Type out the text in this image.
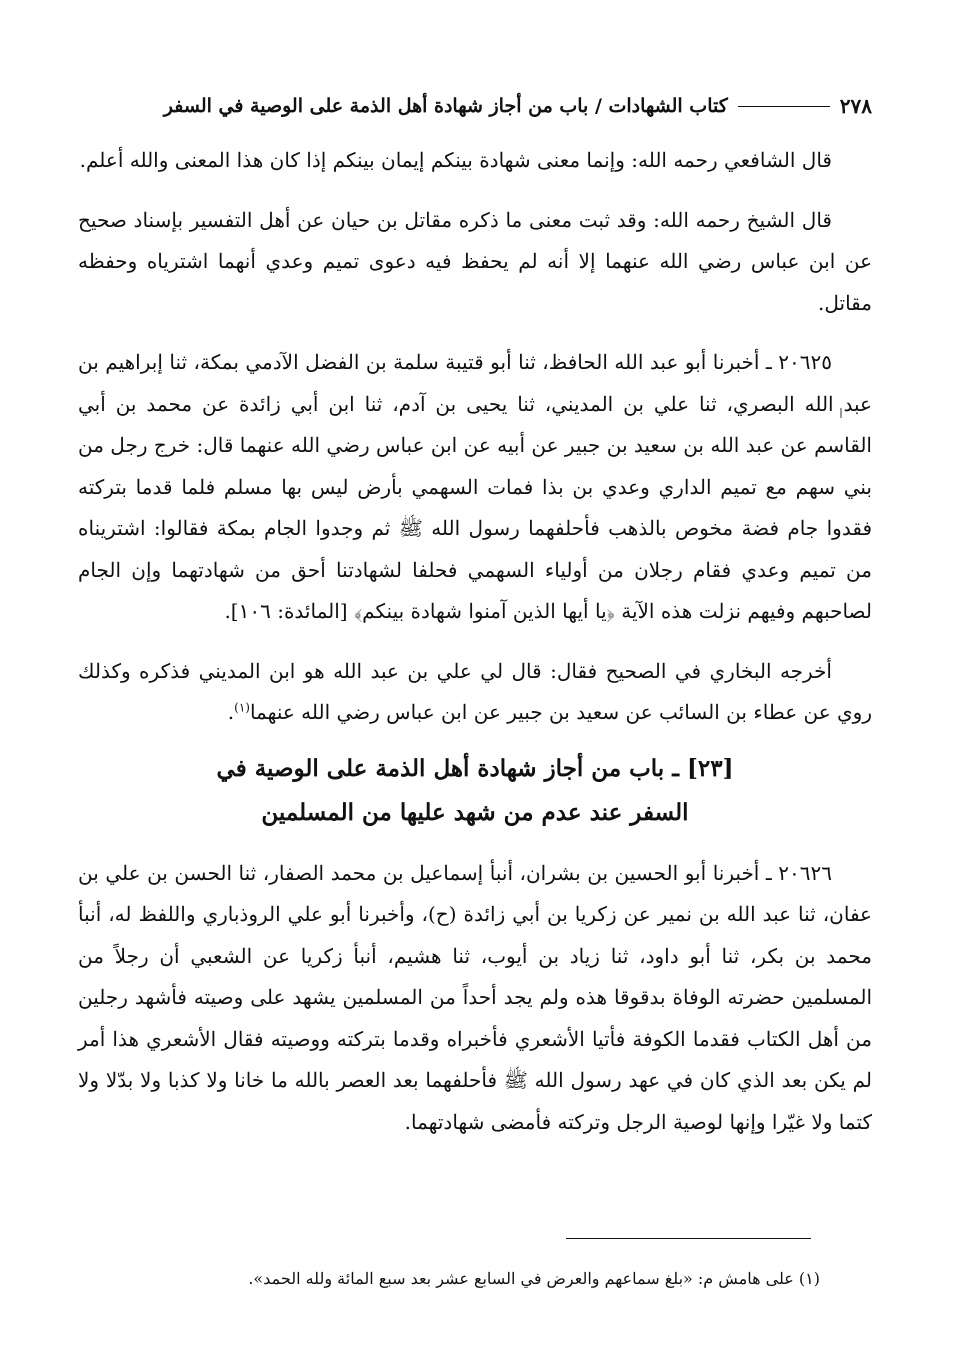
٢٧٨
كتاب الشهادات / باب من أجاز شهادة أهل الذمة على الوصية في السفر

قال الشافعي رحمه الله: وإنما معنى شهادة بينكم إيمان بينكم إذا كان هذا المعنى والله أعلم.

قال الشيخ رحمه الله: وقد ثبت معنى ما ذكره مقاتل بن حيان عن أهل التفسير بإسناد صحيح عن ابن عباس رضي الله عنهما إلا أنه لم يحفظ فيه دعوى تميم وعدي أنهما اشترياه وحفظه مقاتل.

٢٠٦٢٥ ـ أخبرنا أبو عبد الله الحافظ، ثنا أبو قتيبة سلمة بن الفضل الآدمي بمكة، ثنا إبراهيم بن عبد الله البصري، ثنا علي بن المديني، ثنا يحيى بن آدم، ثنا ابن أبي زائدة عن محمد بن أبي القاسم عن عبد الله بن سعيد بن جبير عن أبيه عن ابن عباس رضي الله عنهما قال: خرج رجل من بني سهم مع تميم الداري وعدي بن بذا فمات السهمي بأرض ليس بها مسلم فلما قدما بتركته فقدوا جام فضة مخوص بالذهب فأحلفهما رسول الله ﷺ ثم وجدوا الجام بمكة فقالوا: اشتريناه من تميم وعدي فقام رجلان من أولياء السهمي فحلفا لشهادتنا أحق من شهادتهما وإن الجام لصاحبهم وفيهم نزلت هذه الآية ﴿يا أيها الذين آمنوا شهادة بينكم﴾ [المائدة: ١٠٦].

أخرجه البخاري في الصحيح فقال: قال لي علي بن عبد الله هو ابن المديني فذكره وكذلك روي عن عطاء بن السائب عن سعيد بن جبير عن ابن عباس رضي الله عنهما$^{(١)}$.

[٢٣] ـ باب من أجاز شهادة أهل الذمة على الوصية في
السفر عند عدم من شهد عليها من المسلمين

٢٠٦٢٦ ـ أخبرنا أبو الحسين بن بشران، أنبأ إسماعيل بن محمد الصفار، ثنا الحسن بن علي بن عفان، ثنا عبد الله بن نمير عن زكريا بن أبي زائدة (ح)، وأخبرنا أبو علي الروذباري واللفظ له، أنبأ محمد بن بكر، ثنا أبو داود، ثنا زياد بن أيوب، ثنا هشيم، أنبأ زكريا عن الشعبي أن رجلاً من المسلمين حضرته الوفاة بدقوقا هذه ولم يجد أحداً من المسلمين يشهد على وصيته فأشهد رجلين من أهل الكتاب فقدما الكوفة فأتيا الأشعري فأخبراه وقدما بتركته ووصيته فقال الأشعري هذا أمر لم يكن بعد الذي كان في عهد رسول الله ﷺ فأحلفهما بعد العصر بالله ما خانا ولا كذبا ولا بدّلا ولا كتما ولا غيّرا وإنها لوصية الرجل وتركته فأمضى شهادتهما.

(١) على هامش م: «بلغ سماعهم والعرض في السابع عشر بعد سبع المائة ولله الحمد».
